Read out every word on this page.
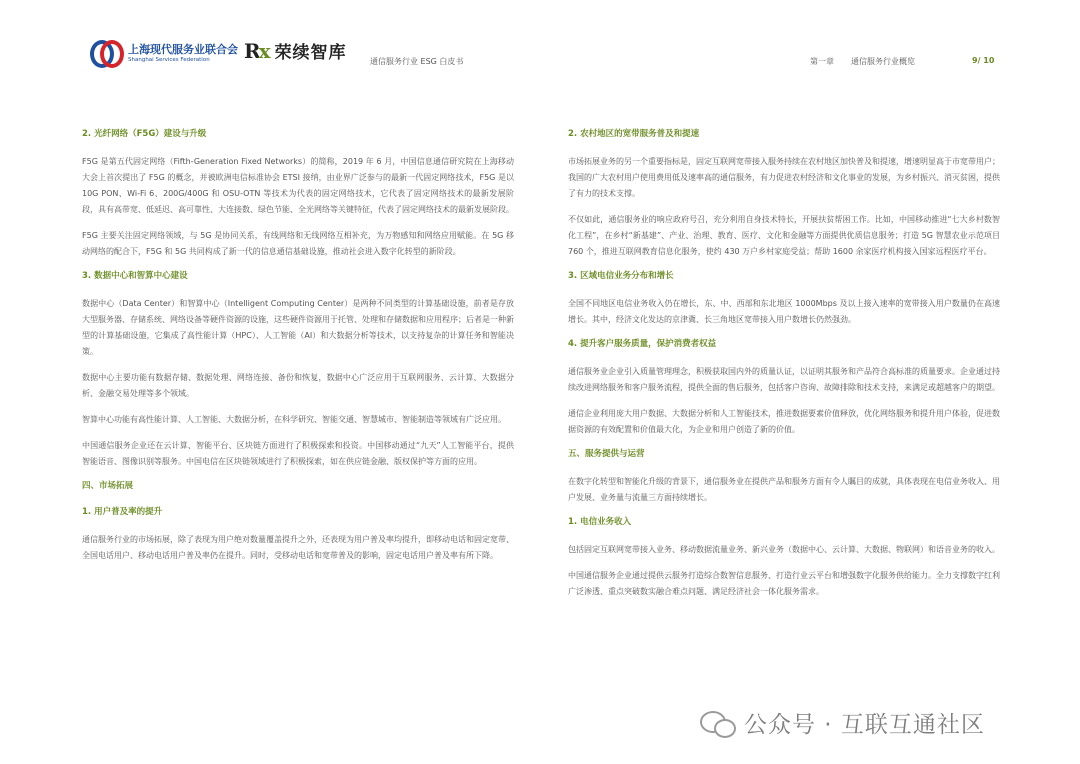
上海现代服务业联合会
Shanghai Services Federation	Rx 荣续智库	通信服务行业 ESG 白皮书	第一章 通信服务行业概览	9/ 10
2. 光纤网络（F5G）建设与升级
F5G 是第五代固定网络（Fifth-Generation Fixed Networks）的简称，2019 年 6 月，中国信息通信研究院在上海移动大会上首次提出了 F5G 的概念，并被欧洲电信标准协会 ETSI 接纳，由业界广泛参与的最新一代固定网络技术，F5G 是以 10G PON、Wi-Fi 6、200G/400G 和 OSU-OTN 等技术为代表的固定网络技术，它代表了固定网络技术的最新发展阶段，具有高带宽、低延迟、高可靠性、大连接数、绿色节能、全光网络等关键特征，代表了固定网络技术的最新发展阶段。
F5G 主要关注固定网络领域，与 5G 是协同关系，有线网络和无线网络互相补充，为万物感知和网络应用赋能。在 5G 移动网络的配合下，F5G 和 5G 共同构成了新一代的信息通信基础设施，推动社会进入数字化转型的新阶段。
3. 数据中心和智算中心建设
数据中心（Data Center）和智算中心（Intelligent Computing Center）是两种不同类型的计算基础设施，前者是存放大型服务器、存储系统、网络设备等硬件资源的设施，这些硬件资源用于托管、处理和存储数据和应用程序；后者是一种新型的计算基础设施，它集成了高性能计算（HPC）、人工智能（AI）和大数据分析等技术，以支持复杂的计算任务和智能决策。
数据中心主要功能有数据存储、数据处理、网络连接、备份和恢复，数据中心广泛应用于互联网服务、云计算、大数据分析、金融交易处理等多个领域。
智算中心功能有高性能计算、人工智能、大数据分析，在科学研究、智能交通、智慧城市、智能制造等领域有广泛应用。
中国通信服务企业还在云计算、智能平台、区块链方面进行了积极探索和投资。中国移动通过“九天”人工智能平台，提供智能语音、图像识别等服务。中国电信在区块链领域进行了积极探索，如在供应链金融、版权保护等方面的应用。
四、市场拓展
1. 用户普及率的提升
通信服务行业的市场拓展，除了表现为用户绝对数量覆盖提升之外，还表现为用户普及率均提升，即移动电话和固定宽带、全国电话用户、移动电话用户普及率仍在提升。同时，受移动电话和宽带普及的影响，固定电话用户普及率有所下降。
2. 农村地区的宽带服务普及和提速
市场拓展业务的另一个重要指标是，固定互联网宽带接入服务持续在农村地区加快普及和提速，增速明显高于市宽带用户；我国的广大农村用户使用费用低及速率高的通信服务，有力促进农村经济和文化事业的发展，为乡村振兴、消灭贫困，提供了有力的技术支撑。
不仅如此，通信服务业的响应政府号召，充分利用自身技术特长，开展扶贫帮困工作。比如，中国移动推进“七大乡村数智化工程”，在乡村“新基建”、产业、治理、教育、医疗、文化和金融等方面提供优质信息服务；打造 5G 智慧农业示范项目 760 个，推进互联网教育信息化服务，使约 430 万户乡村家庭受益；帮助 1600 余家医疗机构接入国家远程医疗平台。
3. 区域电信业务分布和增长
全国不同地区电信业务收入仍在增长，东、中、西部和东北地区 1000Mbps 及以上接入速率的宽带接入用户数量仍在高速增长。其中，经济文化发达的京津冀、长三角地区宽带接入用户数增长仍然强劲。
4. 提升客户服务质量，保护消费者权益
通信服务业企业引入质量管理理念，积极获取国内外的质量认证，以证明其服务和产品符合高标准的质量要求。企业通过持续改进网络服务和客户服务流程，提供全面的售后服务，包括客户咨询、故障排除和技术支持，来满足或超越客户的期望。
通信企业利用庞大用户数据、大数据分析和人工智能技术，推进数据要素价值释放，优化网络服务和提升用户体验，促进数据资源的有效配置和价值最大化，为企业和用户创造了新的价值。
五、服务提供与运营
在数字化转型和智能化升级的背景下，通信服务业在提供产品和服务方面有令人瞩目的成就，具体表现在电信业务收入、用户发展、业务量与流量三方面持续增长。
1. 电信业务收入
包括固定互联网宽带接入业务、移动数据流量业务、新兴业务（数据中心、云计算、大数据、物联网）和语音业务的收入。
中国通信服务企业通过提供云服务打造综合数智信息服务、打造行业云平台和增强数字化服务供给能力。全力支撑数字红利广泛渗透、重点突破数实融合难点问题、满足经济社会一体化服务需求。
公众号 · 互联互通社区
